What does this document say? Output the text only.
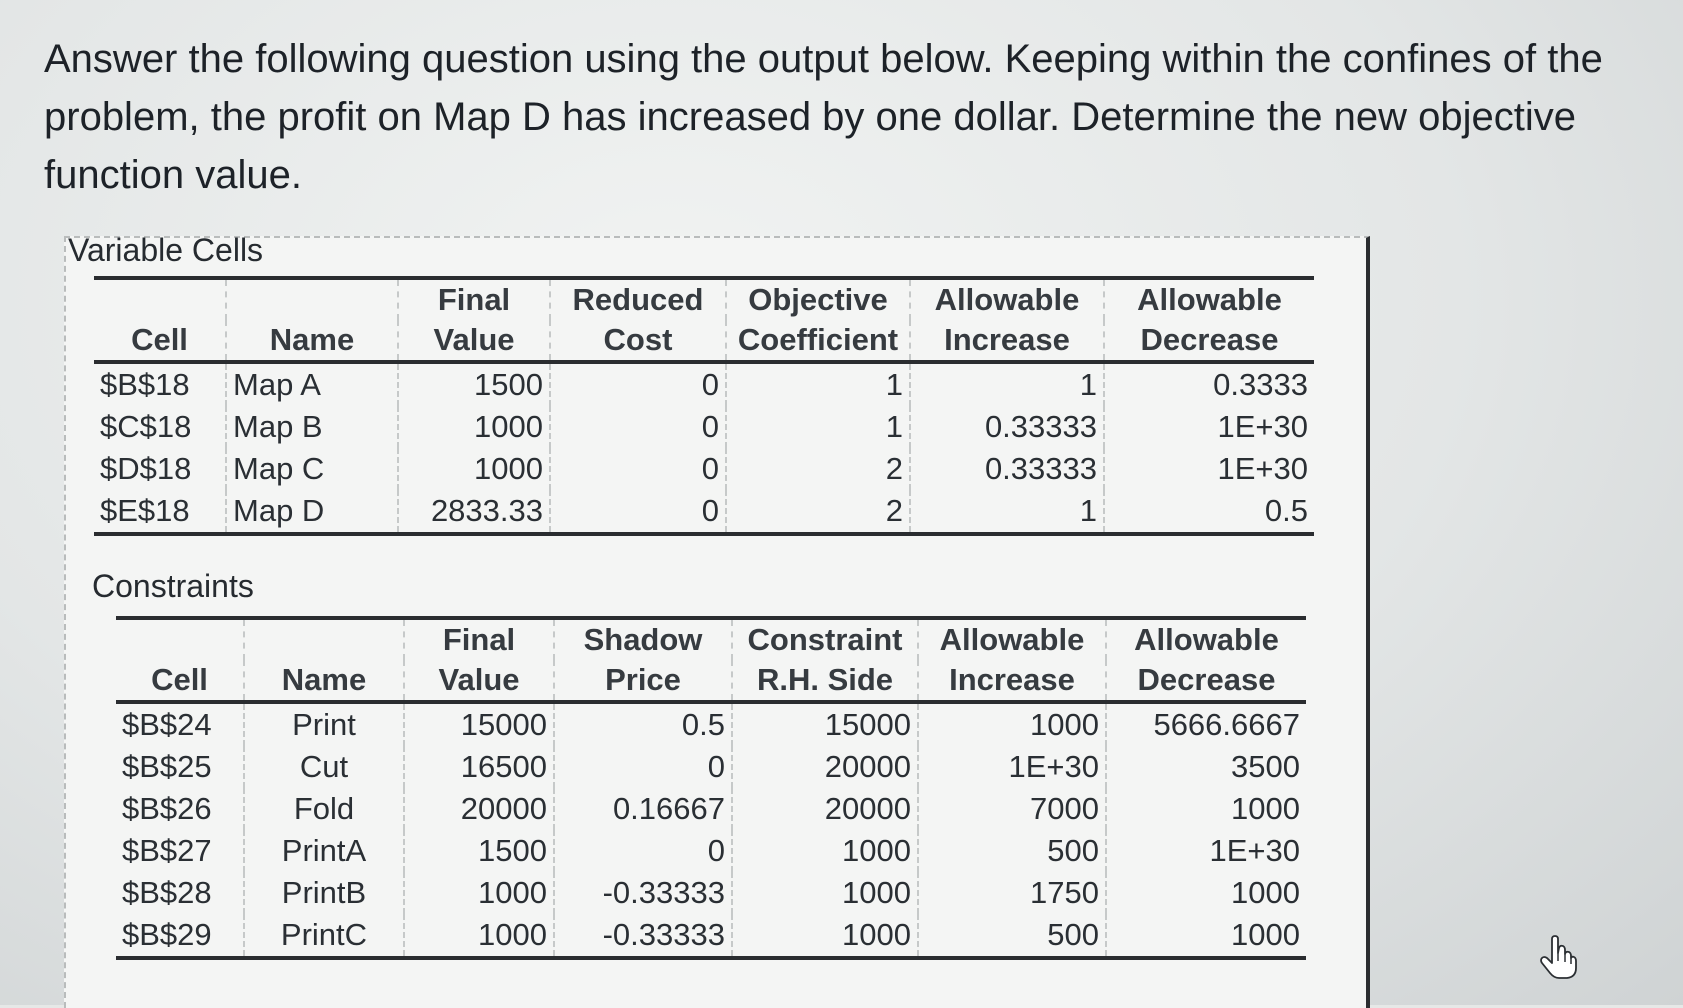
Answer the following question using the output below. Keeping within the confines of the problem, the profit on Map D has increased by one dollar. Determine the new objective function value.

Variable Cells
		Final	Reduced	Objective	Allowable	Allowable
Cell	Name	Value	Cost	Coefficient	Increase	Decrease
$B$18	Map A	1500	0	1	1	0.3333
$C$18	Map B	1000	0	1	0.33333	1E+30
$D$18	Map C	1000	0	2	0.33333	1E+30
$E$18	Map D	2833.33	0	2	1	0.5
Constraints
		Final	Shadow	Constraint	Allowable	Allowable
Cell	Name	Value	Price	R.H. Side	Increase	Decrease
$B$24	Print	15000	0.5	15000	1000	5666.6667
$B$25	Cut	16500	0	20000	1E+30	3500
$B$26	Fold	20000	0.16667	20000	7000	1000
$B$27	PrintA	1500	0	1000	500	1E+30
$B$28	PrintB	1000	-0.33333	1000	1750	1000
$B$29	PrintC	1000	-0.33333	1000	500	1000
